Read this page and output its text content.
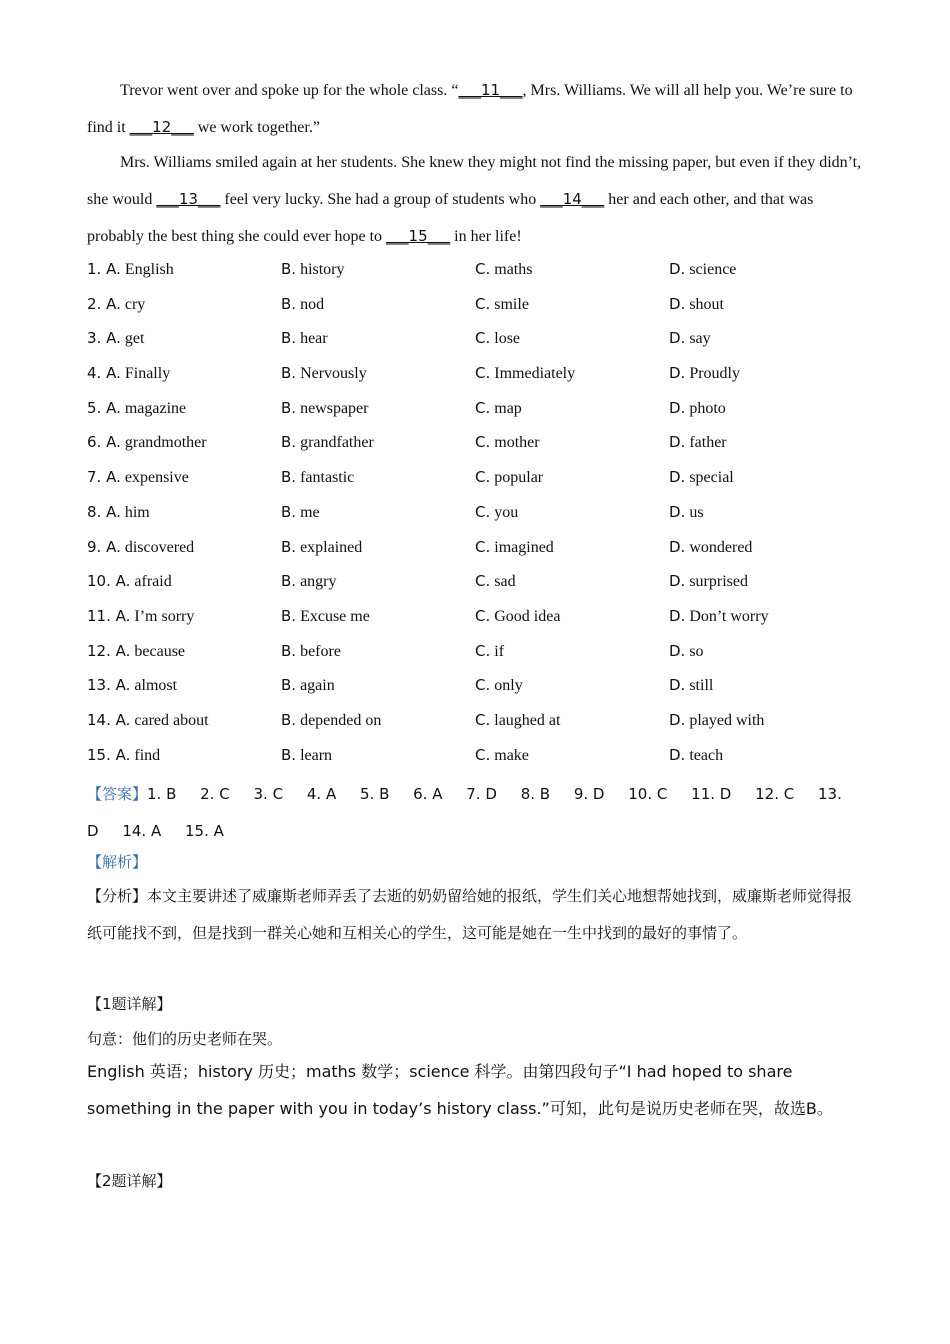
Trevor went over and spoke up for the whole class. “___11___, Mrs. Williams. We will all help you. We’re sure to find it ___12___ we work together.”

Mrs. Williams smiled again at her students. She knew they might not find the missing paper, but even if they didn’t, she would ___13___ feel very lucky. She had a group of students who ___14___ her and each other, and that was probably the best thing she could ever hope to ___15___ in her life!

1. A. English	B. history	C. maths	D. science
2. A. cry	B. nod	C. smile	D. shout
3. A. get	B. hear	C. lose	D. say
4. A. Finally	B. Nervously	C. Immediately	D. Proudly
5. A. magazine	B. newspaper	C. map	D. photo
6. A. grandmother	B. grandfather	C. mother	D. father
7. A. expensive	B. fantastic	C. popular	D. special
8. A. him	B. me	C. you	D. us
9. A. discovered	B. explained	C. imagined	D. wondered
10. A. afraid	B. angry	C. sad	D. surprised
11. A. I’m sorry	B. Excuse me	C. Good idea	D. Don’t worry
12. A. because	B. before	C. if	D. so
13. A. almost	B. again	C. only	D. still
14. A. cared about	B. depended on	C. laughed at	D. played with
15. A. find	B. learn	C. make	D. teach
【答案】1. B 2. C 3. C 4. A 5. B 6. A 7. D 8. B 9. D 10. C 11. D 12. C 13. D 14. A 15. A
【解析】

【分析】本文主要讲述了威廉斯老师弄丢了去逝的奶奶留给她的报纸，学生们关心地想帮她找到，威廉斯老师觉得报纸可能找不到，但是找到一群关心她和互相关心的学生，这可能是她在一生中找到的最好的事情了。

【1题详解】
句意：他们的历史老师在哭。

English 英语；history 历史；maths 数学；science 科学。由第四段句子“I had hoped to share something in the paper with you in today’s history class.”可知，此句是说历史老师在哭，故选B。

【2题详解】
